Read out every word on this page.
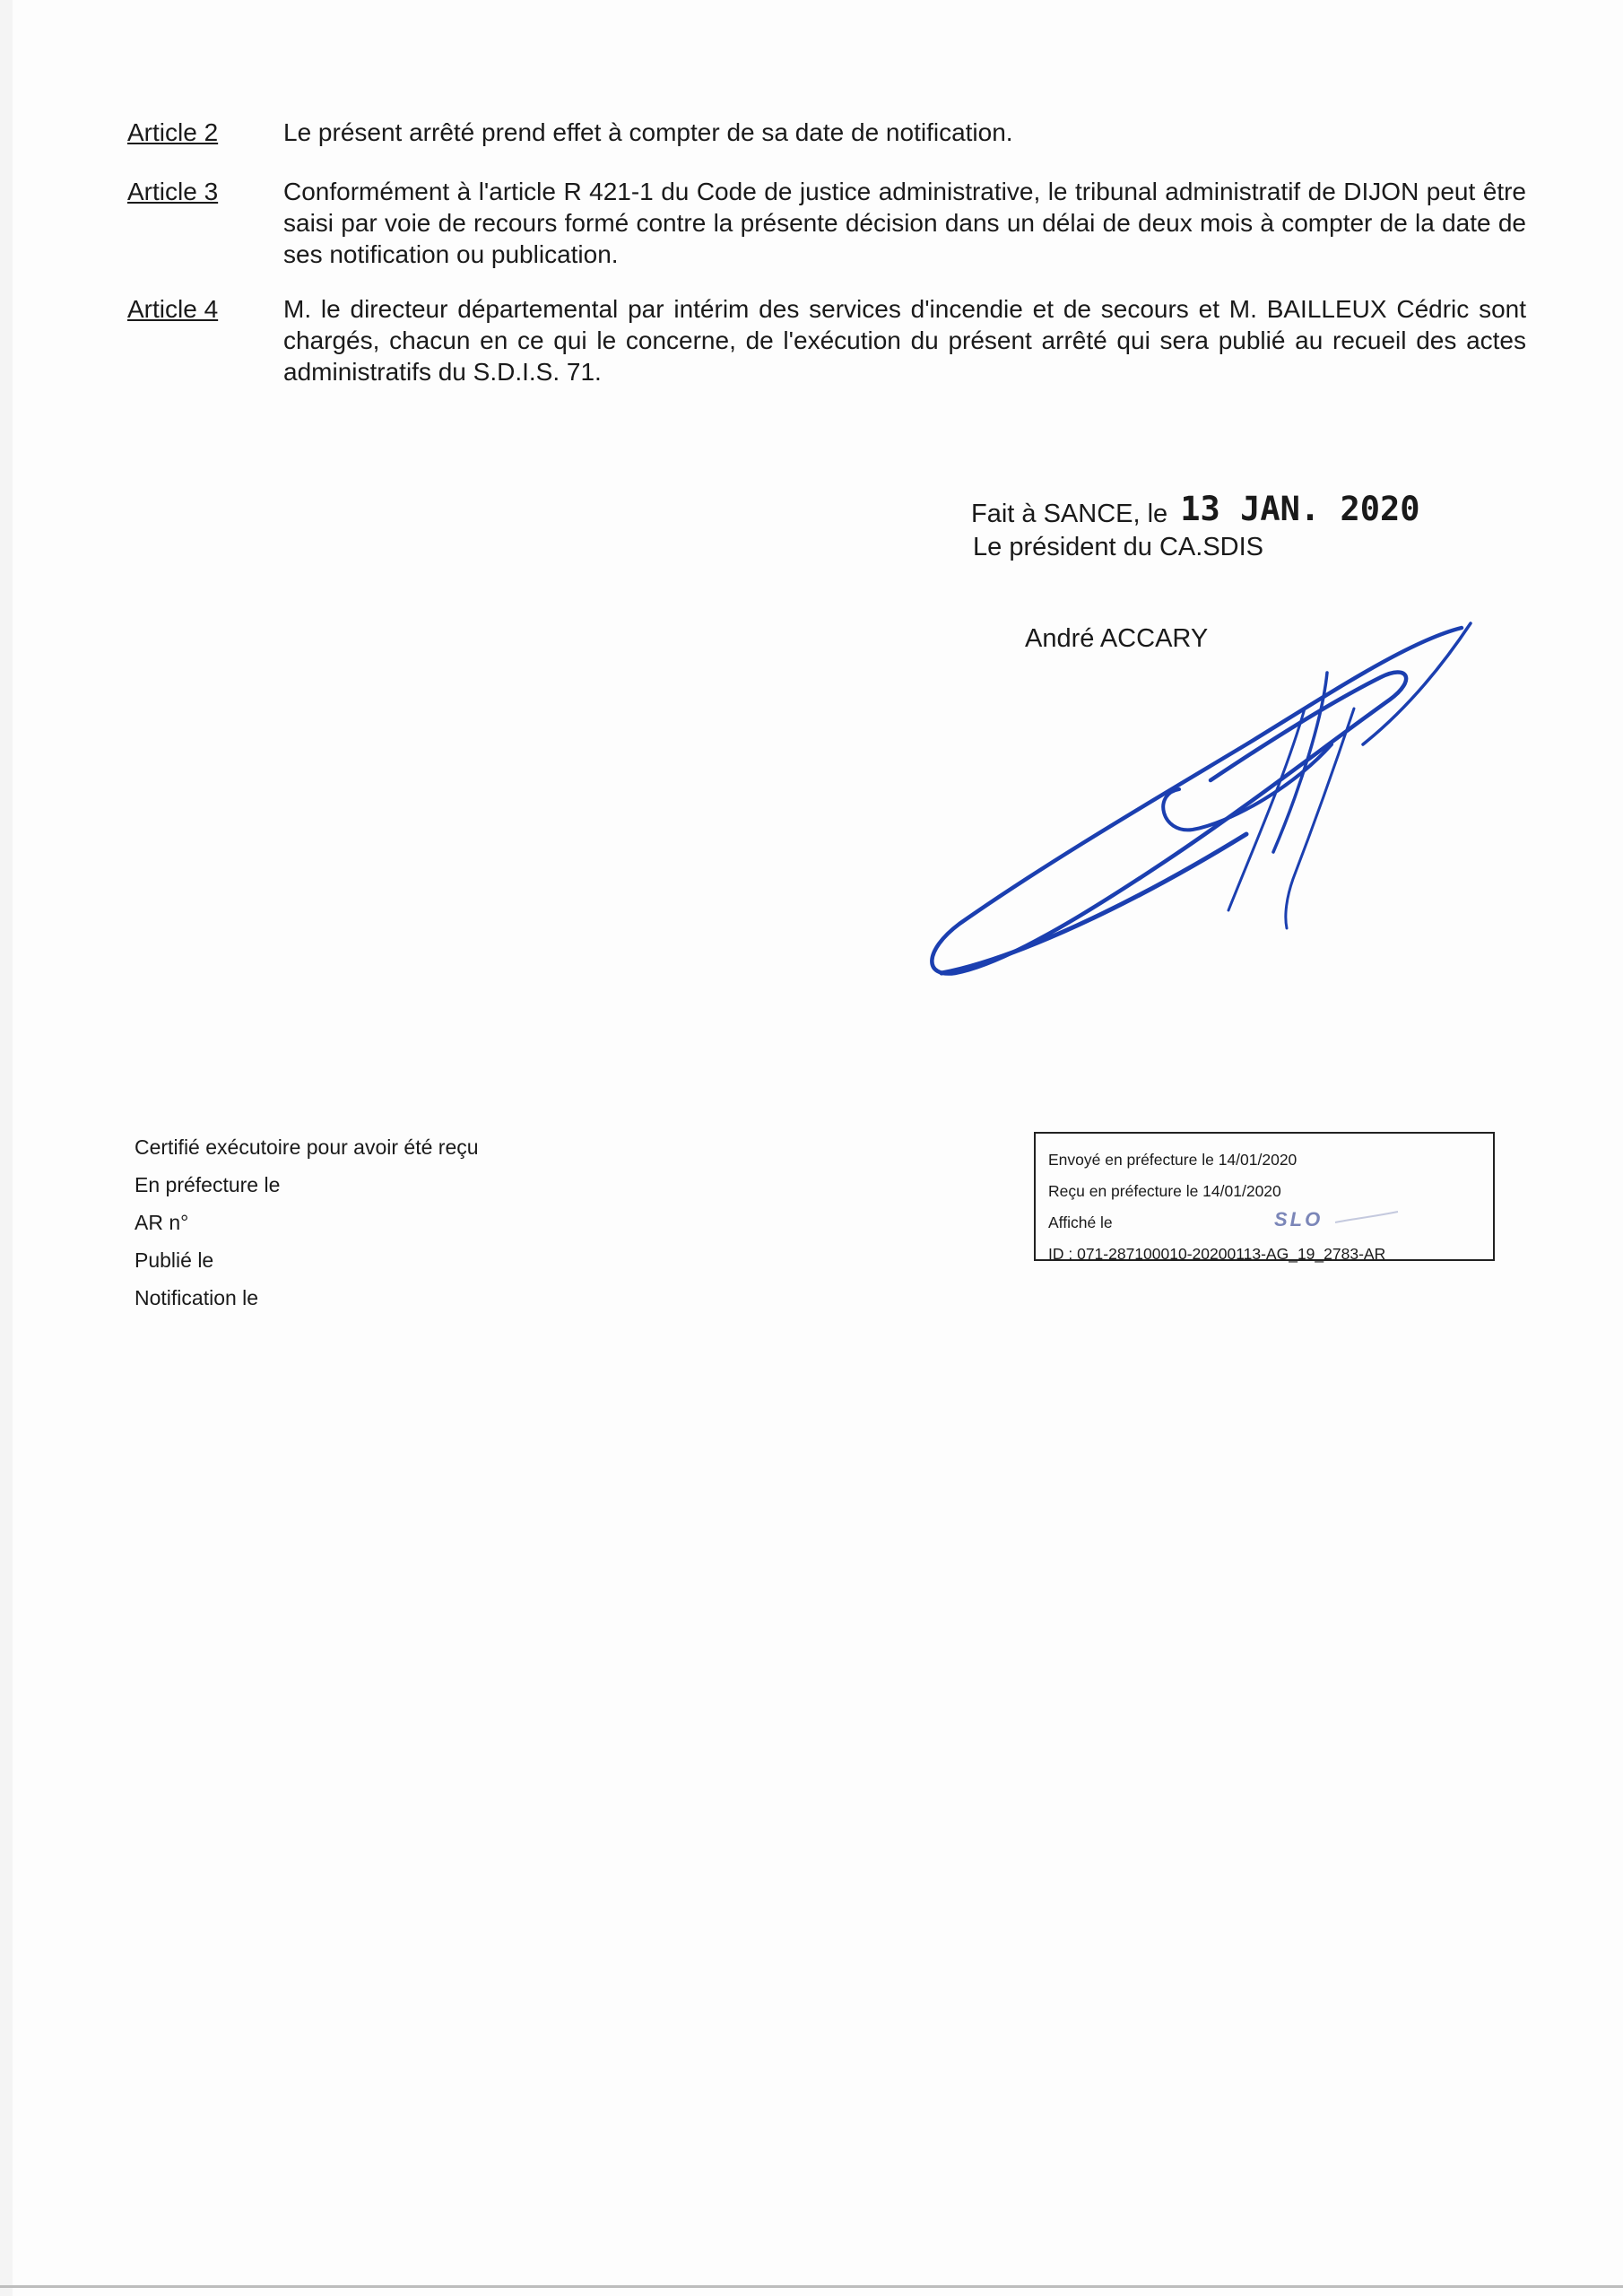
Article 2	Le présent arrêté prend effet à compter de sa date de notification.
Article 3	Conformément à l'article R 421-1 du Code de justice administrative, le tribunal administratif de DIJON peut être saisi par voie de recours formé contre la présente décision dans un délai de deux mois à compter de la date de ses notification ou publication.
Article 4	M. le directeur départemental par intérim des services d'incendie et de secours et M. BAILLEUX Cédric sont chargés, chacun en ce qui le concerne, de l'exécution du présent arrêté qui sera publié au recueil des actes administratifs du S.D.I.S. 71.
Fait à SANCE, le 13 JAN. 2020
Le président du CA.SDIS
André ACCARY
Certifié exécutoire pour avoir été reçu
En préfecture le
AR n°
Publié le
Notification le
Envoyé en préfecture le 14/01/2020
Reçu en préfecture le 14/01/2020
Affiché le	SLO
ID : 071-287100010-20200113-AG_19_2783-AR
